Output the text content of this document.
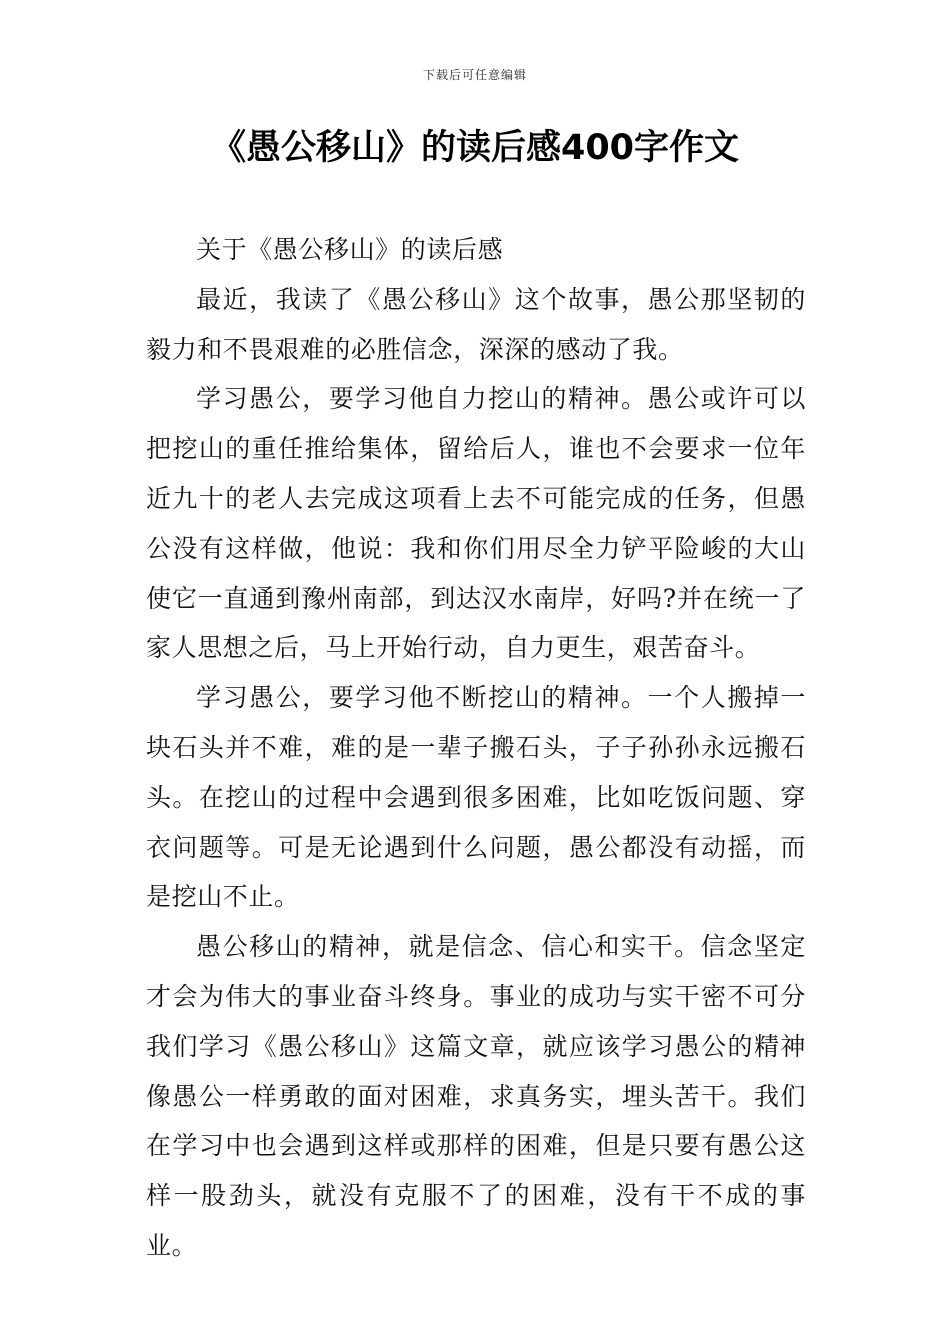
下载后可任意编辑
《愚公移山》的读后感400字作文

关于《愚公移山》的读后感

最近，我读了《愚公移山》这个故事，愚公那坚韧的毅力和不畏艰难的必胜信念，深深的感动了我。

学习愚公，要学习他自力挖山的精神。愚公或许可以把挖山的重任推给集体，留给后人，谁也不会要求一位年近九十的老人去完成这项看上去不可能完成的任务，但愚公没有这样做，他说：我和你们用尽全力铲平险峻的大山使它一直通到豫州南部，到达汉水南岸，好吗?并在统一了家人思想之后，马上开始行动，自力更生，艰苦奋斗。

学习愚公，要学习他不断挖山的精神。一个人搬掉一块石头并不难，难的是一辈子搬石头，子子孙孙永远搬石头。在挖山的过程中会遇到很多困难，比如吃饭问题、穿衣问题等。可是无论遇到什么问题，愚公都没有动摇，而是挖山不止。

愚公移山的精神，就是信念、信心和实干。信念坚定才会为伟大的事业奋斗终身。事业的成功与实干密不可分我们学习《愚公移山》这篇文章，就应该学习愚公的精神像愚公一样勇敢的面对困难，求真务实，埋头苦干。我们在学习中也会遇到这样或那样的困难，但是只要有愚公这样一股劲头，就没有克服不了的困难，没有干不成的事业。
